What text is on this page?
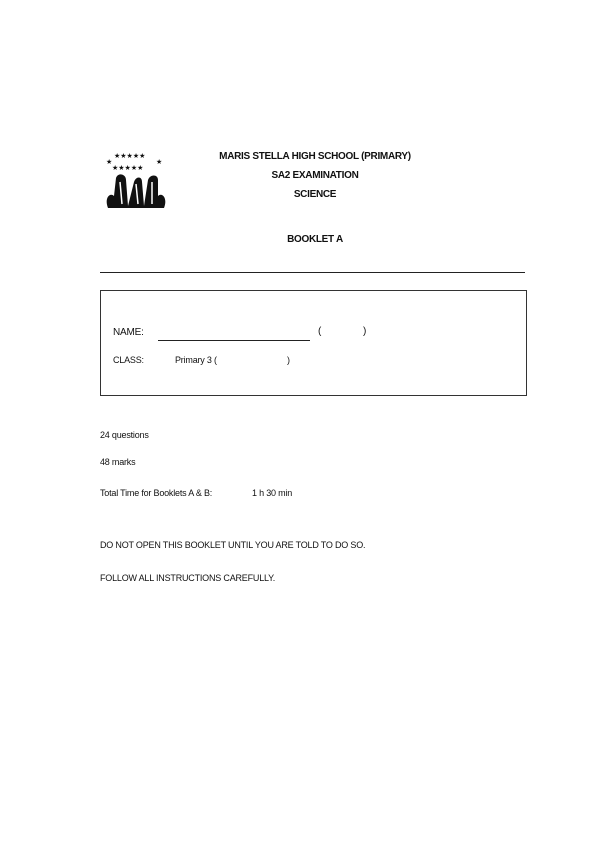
★★★★★
★	★
★★★★★
MARIS STELLA HIGH SCHOOL (PRIMARY)
SA2 EXAMINATION
SCIENCE
BOOKLET A
NAME:	(	)
CLASS:	Primary 3 (	)
24 questions
48 marks
Total Time for Booklets A & B:	1 h 30 min
DO NOT OPEN THIS BOOKLET UNTIL YOU ARE TOLD TO DO SO.
FOLLOW ALL INSTRUCTIONS CAREFULLY.
